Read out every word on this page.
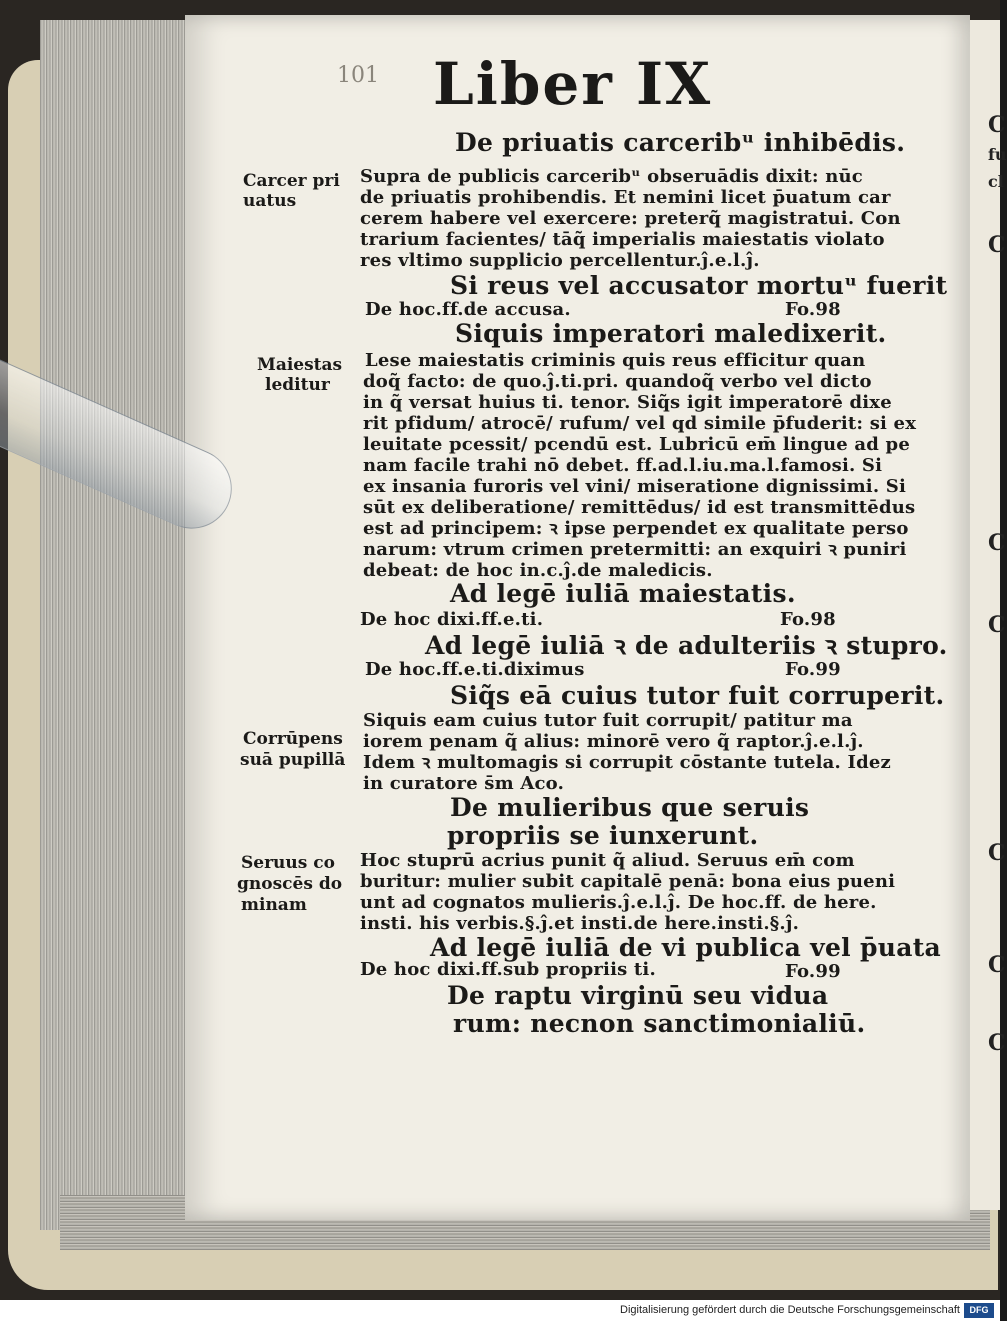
101 Liber IX
De priuatis carceribᵘ inhibēdis.
Carcer pri
uatus
Supra de publicis carceribᵘ obseruādis dixit: nūc
de priuatis prohibendis. Et nemini licet p̄uatum car
cerem habere vel exercere: preterq̃ magistratui. Con
trarium facientes/ tāq̃ imperialis maiestatis violato
res vltimo supplicio percellentur.ĵ.e.l.ĵ.
Si reus vel accusator mortuᵘ fuerit
De hoc.ff.de accusa.	Fo.98
Siquis imperatori maledixerit.
Maiestas
leditur
Lese maiestatis criminis quis reus efficitur quan
doq̃ facto: de quo.ĵ.ti.pri. quandoq̃ verbo vel dicto
in q̃ versat huius ti. tenor. Siq̃s igit imperatorē dixe
rit pfidum/ atrocē/ rufum/ vel qd simile p̄fuderit: si ex
leuitate pcessit/ pcendū est. Lubricū em̄ lingue ad pe
nam facile trahi nō debet. ff.ad.l.iu.ma.l.famosi. Si
ex insania furoris vel vini/ miseratione dignissimi. Si
sūt ex deliberatione/ remittēdus/ id est transmittēdus
est ad principem: ꝛ ipse perpendet ex qualitate perso
narum: vtrum crimen pretermitti: an exquiri ꝛ puniri
debeat: de hoc in.c.ĵ.de maledicis.
Ad legē iuliā maiestatis.
De hoc dixi.ff.e.ti.	Fo.98
Ad legē iuliā ꝛ de adulteriis ꝛ stupro.
De hoc.ff.e.ti.diximus	Fo.99
Siq̃s eā cuius tutor fuit corruperit.
Siquis eam cuius tutor fuit corrupit/ patitur ma
Corrūpens
suā pupillā
iorem penam q̃ alius: minorē vero q̃ raptor.ĵ.e.l.ĵ.
Idem ꝛ multomagis si corrupit cōstante tutela. Idez
in curatore s̄m Aco.
De mulieribus que seruis
propriis se iunxerunt.
Seruus co
gnoscēs do
minam
Hoc stuprū acrius punit q̃ aliud. Seruus em̄ com
buritur: mulier subit capitalē penā: bona eius pueni
unt ad cognatos mulieris.ĵ.e.l.ĵ. De hoc.ff. de here.
insti. his verbis.§.ĵ.et insti.de here.insti.§.ĵ.
Ad legē iuliā de vi publica vel p̄uata
De hoc dixi.ff.sub propriis ti.	Fo.99
De raptu virginū seu vidua
rum: necnon sanctimonialiū.
C
fu
cl
C
C
C
C
C
C
Digitalisierung gefördert durch die Deutsche Forschungsgemeinschaft	DFG
